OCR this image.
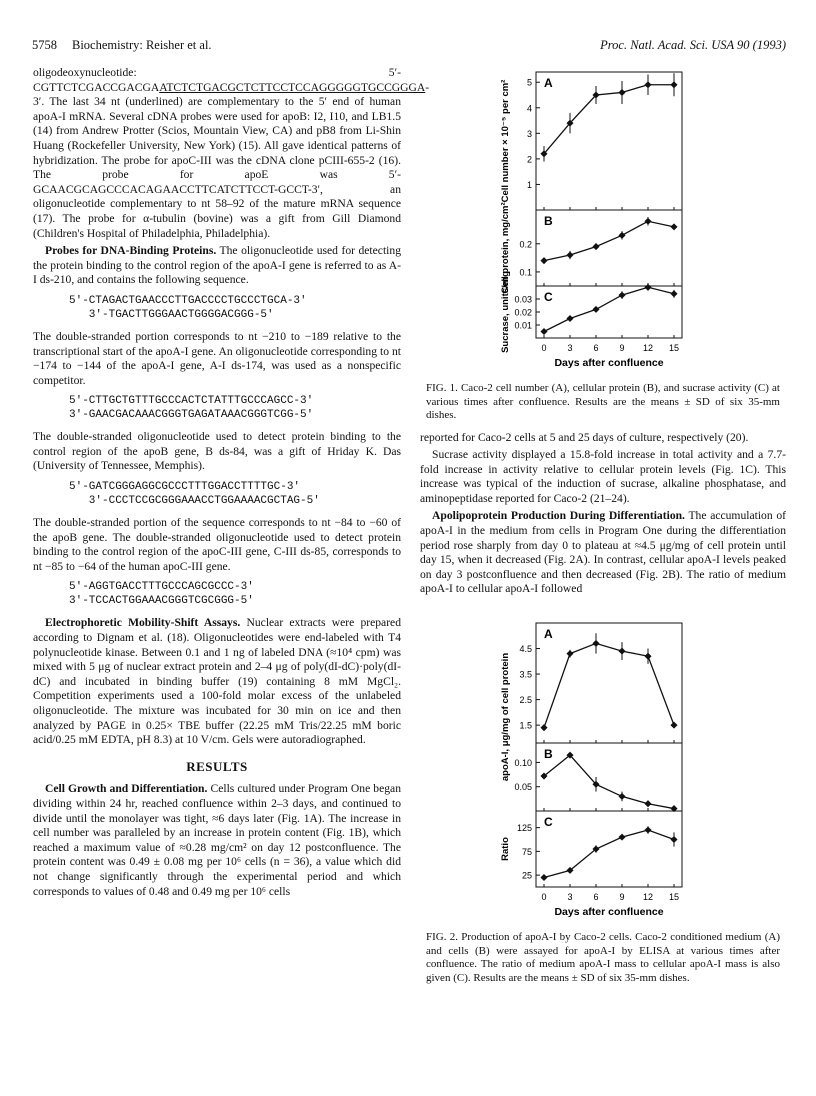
5758 Biochemistry: Reisher et al.	Proc. Natl. Acad. Sci. USA 90 (1993)

oligodeoxynucleotide: 5′-CGTTCTCGACCGACGAATCTCTGACGCTCTTCCTCCAGGGGGTGCCGGGA-3′. The last 34 nt (underlined) are complementary to the 5′ end of human apoA-I mRNA. Several cDNA probes were used for apoB: I2, I10, and LB1.5 (14) from Andrew Protter (Scios, Mountain View, CA) and pB8 from Li-Shin Huang (Rockefeller University, New York) (15). All gave identical patterns of hybridization. The probe for apoC-III was the cDNA clone pCIII-655-2 (16). The probe for apoE was 5′-GCAACGCAGCCCACAGAACCTTCATCTTCCT-GCCT-3′, an oligonucleotide complementary to nt 58–92 of the mature mRNA sequence (17). The probe for α-tubulin (bovine) was a gift from Gill Diamond (Children's Hospital of Philadelphia, Philadelphia).

Probes for DNA-Binding Proteins. The oligonucleotide used for detecting the protein binding to the control region of the apoA-I gene is referred to as A-I ds-210, and contains the following sequence.

5′-CTAGACTGAACCCTTGACCCCTGCCCTGCA-3′
3′-TGACTTGGGAACTGGGGACGGG-5′

The double-stranded portion corresponds to nt −210 to −189 relative to the transcriptional start of the apoA-I gene. An oligonucleotide corresponding to nt −174 to −144 of the apoA-I gene, A-I ds-174, was used as a nonspecific competitor.

5′-CTTGCTGTTTGCCCACTCTATTTGCCCAGCC-3′
3′-GAACGACAAACGGGTGAGATAAACGGGTCGG-5′

The double-stranded oligonucleotide used to detect protein binding to the control region of the apoB gene, B ds-84, was a gift of Hriday K. Das (University of Tennessee, Memphis).

5′-GATCGGGAGGCGCCCTTTGGACCTTTTGC-3′
3′-CCCTCCGCGGGAAACCTGGAAAACGCTAG-5′

The double-stranded portion of the sequence corresponds to nt −84 to −60 of the apoB gene. The double-stranded oligonucleotide used to detect protein binding to the control region of the apoC-III gene, C-III ds-85, corresponds to nt −85 to −64 of the human apoC-III gene.

5′-AGGTGACCTTTGCCCAGCGCCC-3′
3′-TCCACTGGAAACGGGTCGCGGG-5′

Electrophoretic Mobility-Shift Assays. Nuclear extracts were prepared according to Dignam et al. (18). Oligonucleotides were end-labeled with T4 polynucleotide kinase. Between 0.1 and 1 ng of labeled DNA (≈10⁴ cpm) was mixed with 5 μg of nuclear extract protein and 2–4 μg of poly(dI-dC)·poly(dI-dC) and incubated in binding buffer (19) containing 8 mM MgCl₂. Competition experiments used a 100-fold molar excess of the unlabeled oligonucleotide. The mixture was incubated for 30 min on ice and then analyzed by PAGE in 0.25× TBE buffer (22.25 mM Tris/22.25 mM boric acid/0.25 mM EDTA, pH 8.3) at 10 V/cm. Gels were autoradiographed.

RESULTS

Cell Growth and Differentiation. Cells cultured under Program One began dividing within 24 hr, reached confluence within 2–3 days, and continued to divide until the monolayer was tight, ≈6 days later (Fig. 1A). The increase in cell number was paralleled by an increase in protein content (Fig. 1B), which reached a maximum value of ≈0.28 mg/cm² on day 12 postconfluence. The protein content was 0.49 ± 0.08 mg per 10⁶ cells (n = 36), a value which did not change significantly through the experimental period and which corresponds to values of 0.48 and 0.49 mg per 10⁶ cells

A
1
2
3
4
5
Cell number × 10⁻⁵ per cm²
B
0.1
0.2
Cell protein, mg/cm²
C
0.01
0.02
0.03
Sucrase, units/mg	0 3 6 9 12 15
Days after confluence
FIG. 1. Caco-2 cell number (A), cellular protein (B), and sucrase activity (C) at various times after confluence. Results are the means ± SD of six 35-mm dishes.

reported for Caco-2 cells at 5 and 25 days of culture, respectively (20).

Sucrase activity displayed a 15.8-fold increase in total activity and a 7.7-fold increase in activity relative to cellular protein levels (Fig. 1C). This increase was typical of the induction of sucrase, alkaline phosphatase, and aminopeptidase reported for Caco-2 (21–24).

Apolipoprotein Production During Differentiation. The accumulation of apoA-I in the medium from cells in Program One during the differentiation period rose sharply from day 0 to plateau at ≈4.5 μg/mg of cell protein until day 15, when it decreased (Fig. 2A). In contrast, cellular apoA-I levels peaked on day 3 postconfluence and then decreased (Fig. 2B). The ratio of medium apoA-I to cellular apoA-I followed

A
1.5
2.5
3.5
4.5
B
0.05
0.10
C
25
75
125
Ratio
0 3 6 9 12 15
Days after confluence
apoA-I, μg/mg of cell protein
FIG. 2. Production of apoA-I by Caco-2 cells. Caco-2 conditioned medium (A) and cells (B) were assayed for apoA-I by ELISA at various times after confluence. The ratio of medium apoA-I mass to cellular apoA-I mass is also given (C). Results are the means ± SD of six 35-mm dishes.
